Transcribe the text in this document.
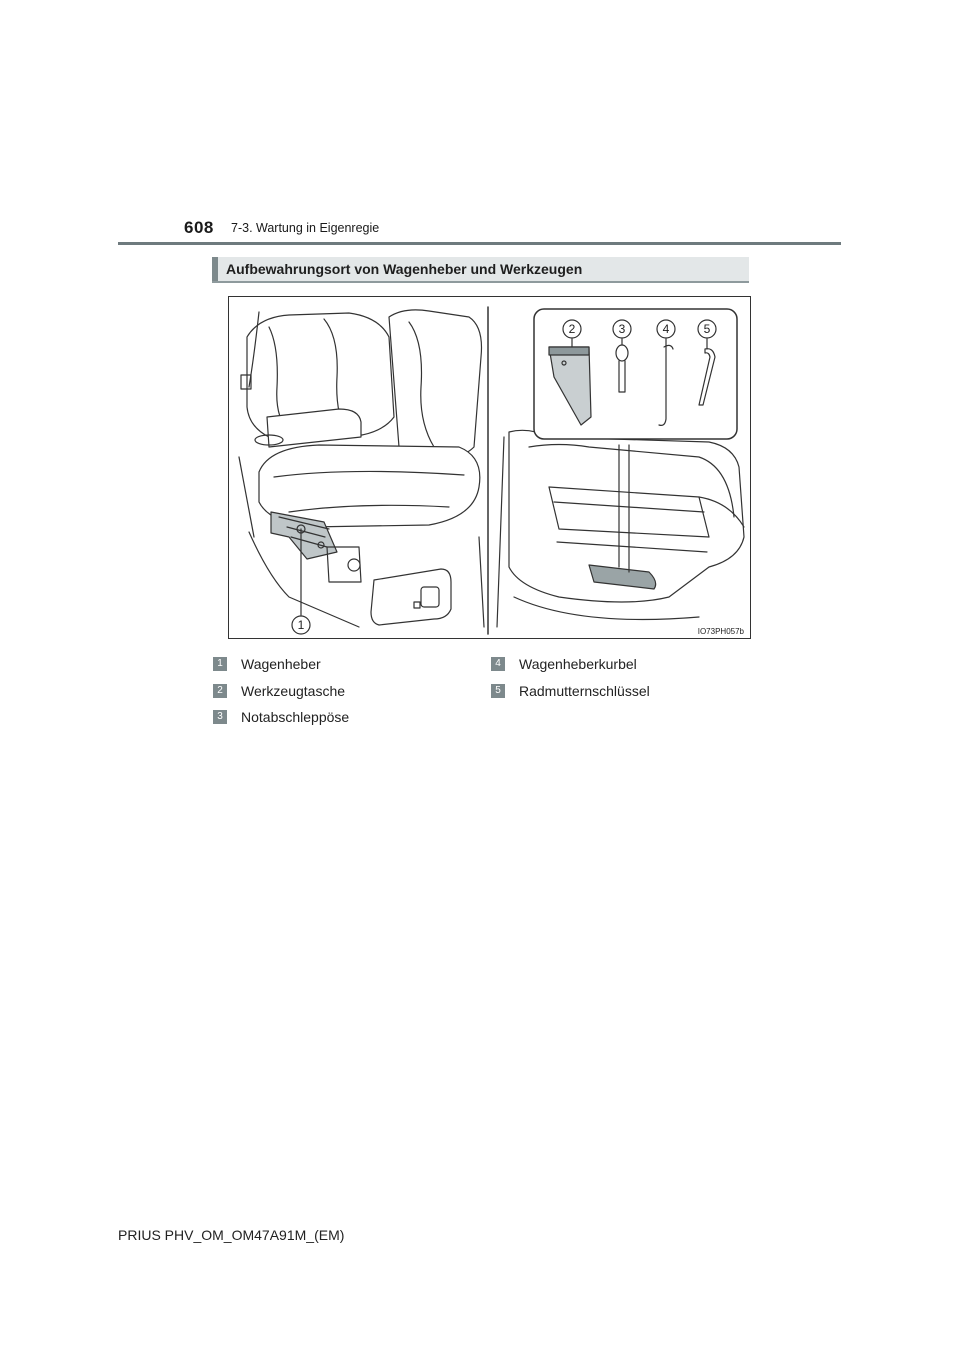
608 7-3. Wartung in Eigenregie
Aufbewahrungsort von Wagenheber und Werkzeugen
1
2	3	4	5
IO73PH057b
1	Wagenheber
2	Werkzeugtasche
3	Notabschleppöse
4	Wagenheberkurbel
5	Radmutternschlüssel
PRIUS PHV_OM_OM47A91M_(EM)
